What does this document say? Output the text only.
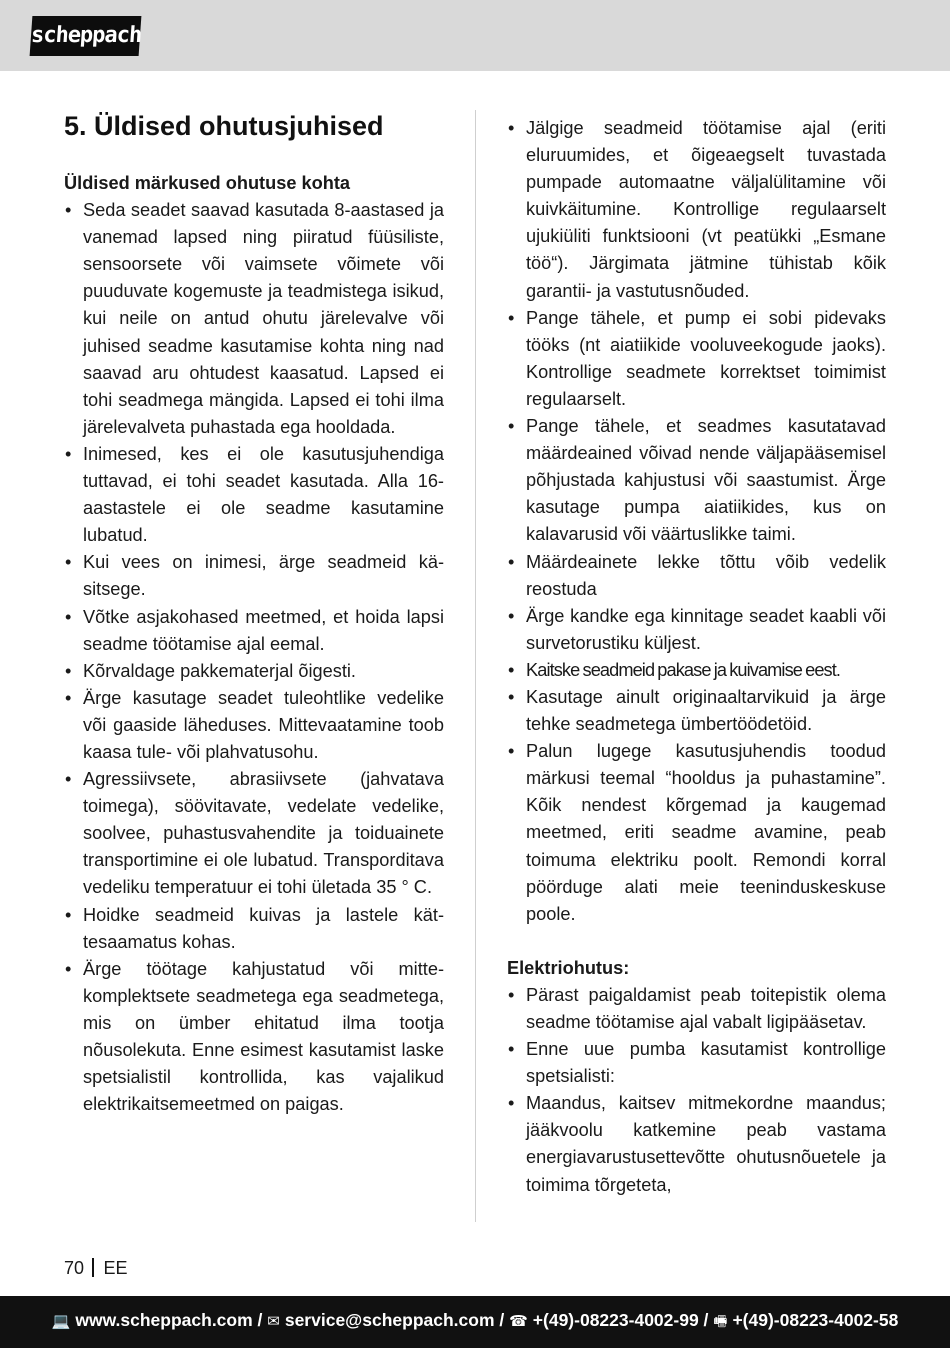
scheppach
5. Üldised ohutusjuhised
Üldised märkused ohutuse kohta
• Seda seadet saavad kasutada 8-aastased ja vanemad lapsed ning piiratud füüsiliste, sensoorsete või vaimsete võimete või puuduvate kogemuste ja teadmistega isikud, kui neile on antud ohutu järelevalve või juhised seadme kasutamise kohta ning nad saavad aru ohtudest kaasatud. Lapsed ei tohi seadmega mängida. Lapsed ei tohi ilma järelevalveta puhastada ega hooldada.
• Inimesed, kes ei ole kasutusjuhendiga tuttavad, ei tohi seadet kasutada. Alla 16-aastastele ei ole seadme kasutamine lubatud.
• Kui vees on inimesi, ärge seadmeid käsitsege.
• Võtke asjakohased meetmed, et hoida lapsi seadme töötamise ajal eemal.
• Kõrvaldage pakkematerjal õigesti.
• Ärge kasutage seadet tuleohtlike vedelike või gaaside läheduses. Mittevaatamine toob kaasa tule- või plahvatusohu.
• Agressiivsete, abrasiivsete (jahvatava toimega), söövitavate, vedelate vedelike, soolvee, puhastusvahendite ja toiduainete transportimine ei ole lubatud. Transporditava vedeliku temperatuur ei tohi ületada 35 ° C.
• Hoidke seadmeid kuivas ja lastele kättesaamatus kohas.
• Ärge töötage kahjustatud või mittekomplektsete seadmetega ega seadmetega, mis on ümber ehitatud ilma tootja nõusolekuta. Enne esimest kasutamist laske spetsialistil kontrollida, kas vajalikud elektrikaitsemeetmed on paigas.
• Jälgige seadmeid töötamise ajal (eriti eluruumides, et õigeaegselt tuvastada pumpade automaatne väljalülitamine või kuivkäitumine. Kontrollige regulaarselt ujukiüliti funktsiooni (vt peatükki „Esmane töö“). Järgimata jätmine tühistab kõik garantii- ja vastutusnõuded.
• Pange tähele, et pump ei sobi pidevaks tööks (nt aiatiikide vooluveekogude jaoks). Kontrollige seadmete korrektset toimimist regulaarselt.
• Pange tähele, et seadmes kasutatavad määrdeained võivad nende väljapääsemisel põhjustada kahjustusi või saastumist. Ärge kasutage pumpa aiatiikides, kus on kalavarusid või väärtuslikke taimi.
• Määrdeainete lekke tõttu võib vedelik reostuda
• Ärge kandke ega kinnitage seadet kaabli või survetorustiku küljest.
• Kaitske seadmeid pakase ja kuivamise eest.
• Kasutage ainult originaaltarvikuid ja ärge tehke seadmetega ümbertöödetöid.
• Palun lugege kasutusjuhendis toodud märkusi teemal “hooldus ja puhastamine”. Kõik nendest kõrgemad ja kaugemad meetmed, eriti seadme avamine, peab toimuma elektriku poolt. Remondi korral pöörduge alati meie teeninduskeskuse poole.
Elektriohutus:
• Pärast paigaldamist peab toitepistik olema seadme töötamise ajal vabalt ligipääsetav.
• Enne uue pumba kasutamist kontrollige spetsialisti:
• Maandus, kaitsev mitmekordne maandus; jääkvoolu katkemine peab vastama energiavarustusettevõtte ohutusnõuetele ja toimima tõrgeteta,
70 EE
💻 www.scheppach.com / ✉ service@scheppach.com / ☎ +(49)-08223-4002-99 / 🖷 +(49)-08223-4002-58
